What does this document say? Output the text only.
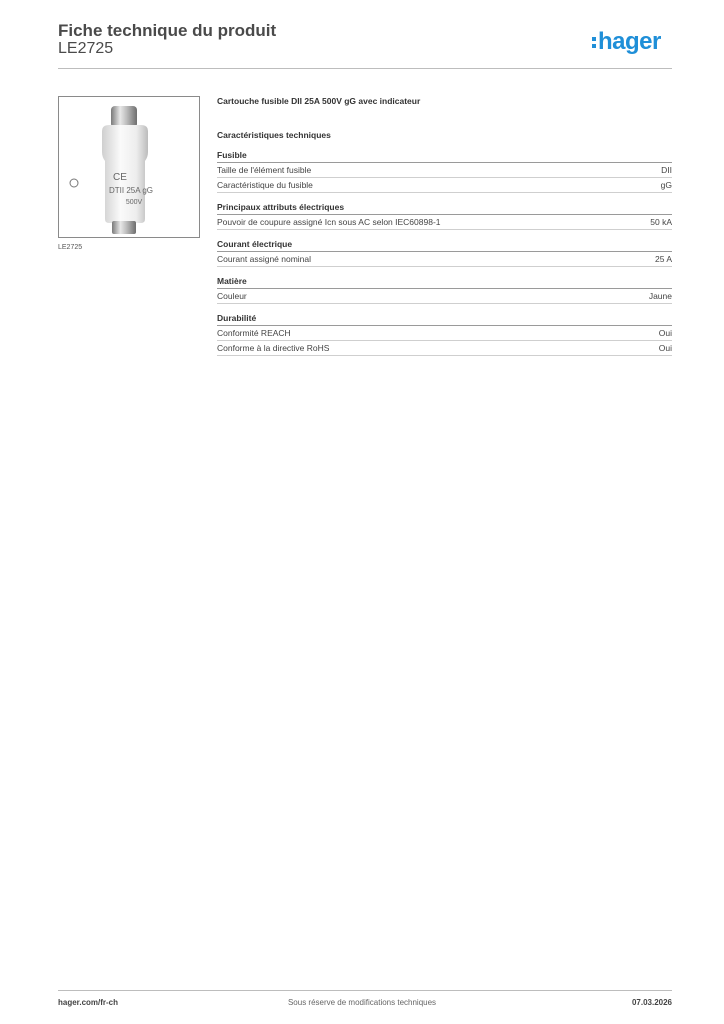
Fiche technique du produit
LE2725	hager
CE
DTII 25A gG
500V
LE2725
Cartouche fusible DII 25A 500V gG avec indicateur
Caractéristiques techniques
Fusible
Taille de l'élément fusible	DII
Caractéristique du fusible	gG
Principaux attributs électriques
Pouvoir de coupure assigné Icn sous AC selon IEC60898-1	50 kA
Courant électrique
Courant assigné nominal	25 A
Matière
Couleur	Jaune
Durabilité
Conformité REACH	Oui
Conforme à la directive RoHS	Oui
hager.com/fr-ch	Sous réserve de modifications techniques	07.03.2026
